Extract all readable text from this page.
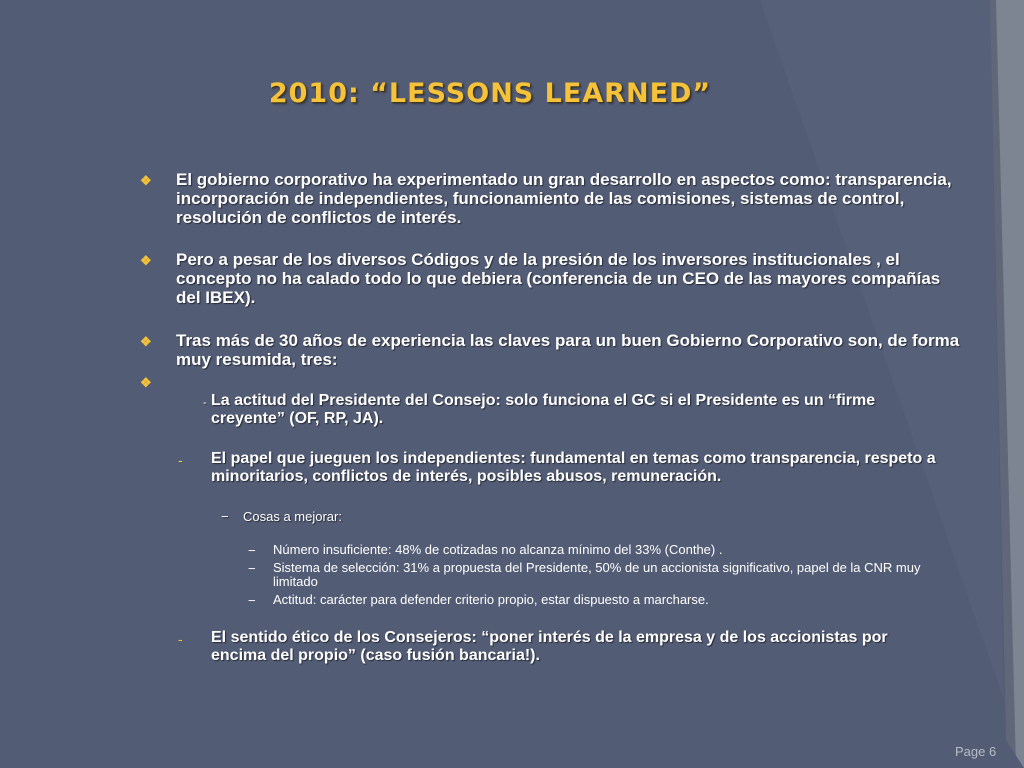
2010: “LESSONS LEARNED”
❖ El gobierno corporativo ha experimentado un gran desarrollo en aspectos como: transparencia, incorporación de independientes, funcionamiento de las comisiones, sistemas de control, resolución de conflictos de interés.
❖ Pero a pesar de los diversos Códigos y de la presión de los inversores institucionales , el concepto no ha calado todo lo que debiera (conferencia de un CEO de las mayores compañías del IBEX).
❖ Tras más de 30 años de experiencia las claves para un buen Gobierno Corporativo son, de forma muy resumida, tres:
❖
- La actitud del Presidente del Consejo: solo funciona el GC si el Presidente es un “firme creyente” (OF, RP, JA).
- El papel que jueguen los independientes: fundamental en temas como transparencia, respeto a minoritarios, conflictos de interés, posibles abusos, remuneración.
− Cosas a mejorar:
− Número insuficiente: 48% de cotizadas no alcanza mínimo del 33% (Conthe) .
− Sistema de selección: 31% a propuesta del Presidente, 50% de un accionista significativo, papel de la CNR muy limitado
− Actitud: carácter para defender criterio propio, estar dispuesto a marcharse.
- El sentido ético de los Consejeros: “poner interés de la empresa y de los accionistas por encima del propio” (caso fusión bancaria!).
Page 6
